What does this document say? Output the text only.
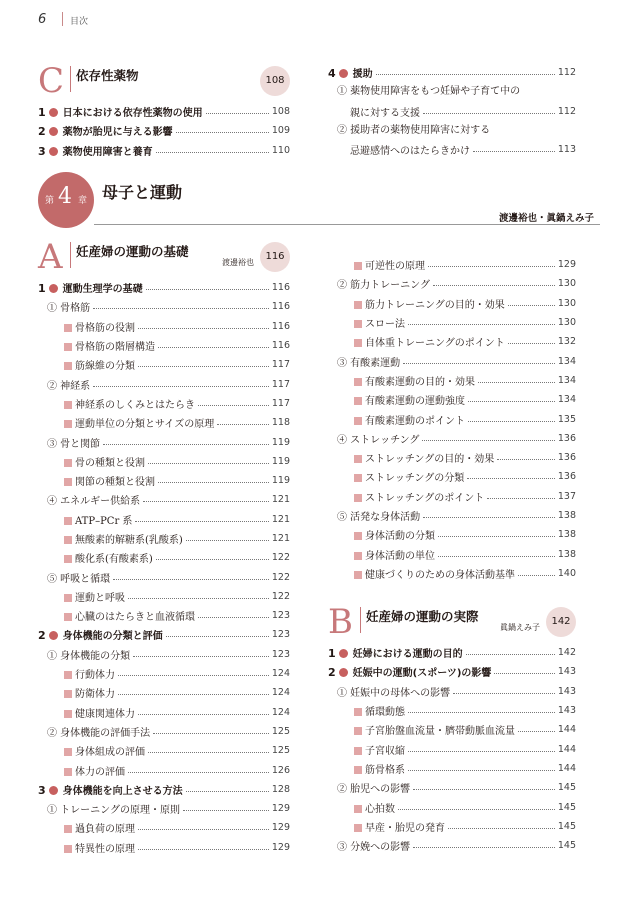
6	目次
C 依存性薬物	108
1 日本における依存性薬物の使用	108
2 薬物が胎児に与える影響	109
3 薬物使用障害と養育	110
4 援助	112
① 薬物使用障害をもつ妊婦や子育て中の
親に対する支援	112
② 援助者の薬物使用障害に対する
忌避感情へのはたらきかけ	113
第 4 章 母子と運動
渡邊裕也・眞鍋えみ子
A 妊産婦の運動の基礎
渡邊裕也
116
1 運動生理学の基礎	116
① 骨格筋	116
骨格筋の役割	116
骨格筋の階層構造	116
筋線維の分類	117
② 神経系	117
神経系のしくみとはたらき	117
運動単位の分類とサイズの原理	118
③ 骨と関節	119
骨の種類と役割	119
関節の種類と役割	119
④ エネルギー供給系	121
ATP–PCr 系	121
無酸素的解糖系(乳酸系)	121
酸化系(有酸素系)	122
⑤ 呼吸と循環	122
運動と呼吸	122
心臓のはたらきと血液循環	123
2 身体機能の分類と評価	123
① 身体機能の分類	123
行動体力	124
防衛体力	124
健康関連体力	124
② 身体機能の評価手法	125
身体組成の評価	125
体力の評価	126
3 身体機能を向上させる方法	128
① トレーニングの原理・原則	129
過負荷の原理	129
特異性の原理	129
可逆性の原理	129
② 筋力トレーニング	130
筋力トレーニングの目的・効果	130
スロー法	130
自体重トレーニングのポイント	132
③ 有酸素運動	134
有酸素運動の目的・効果	134
有酸素運動の運動強度	134
有酸素運動のポイント	135
④ ストレッチング	136
ストレッチングの目的・効果	136
ストレッチングの分類	136
ストレッチングのポイント	137
⑤ 活発な身体活動	138
身体活動の分類	138
身体活動の単位	138
健康づくりのための身体活動基準	140
B 妊産婦の運動の実際
眞鍋えみ子
142
1 妊婦における運動の目的	142
2 妊娠中の運動(スポーツ)の影響	143
① 妊娠中の母体への影響	143
循環動態	143
子宮胎盤血流量・臍帯動脈血流量	144
子宮収縮	144
筋骨格系	144
② 胎児への影響	145
心拍数	145
早産・胎児の発育	145
③ 分娩への影響	145
